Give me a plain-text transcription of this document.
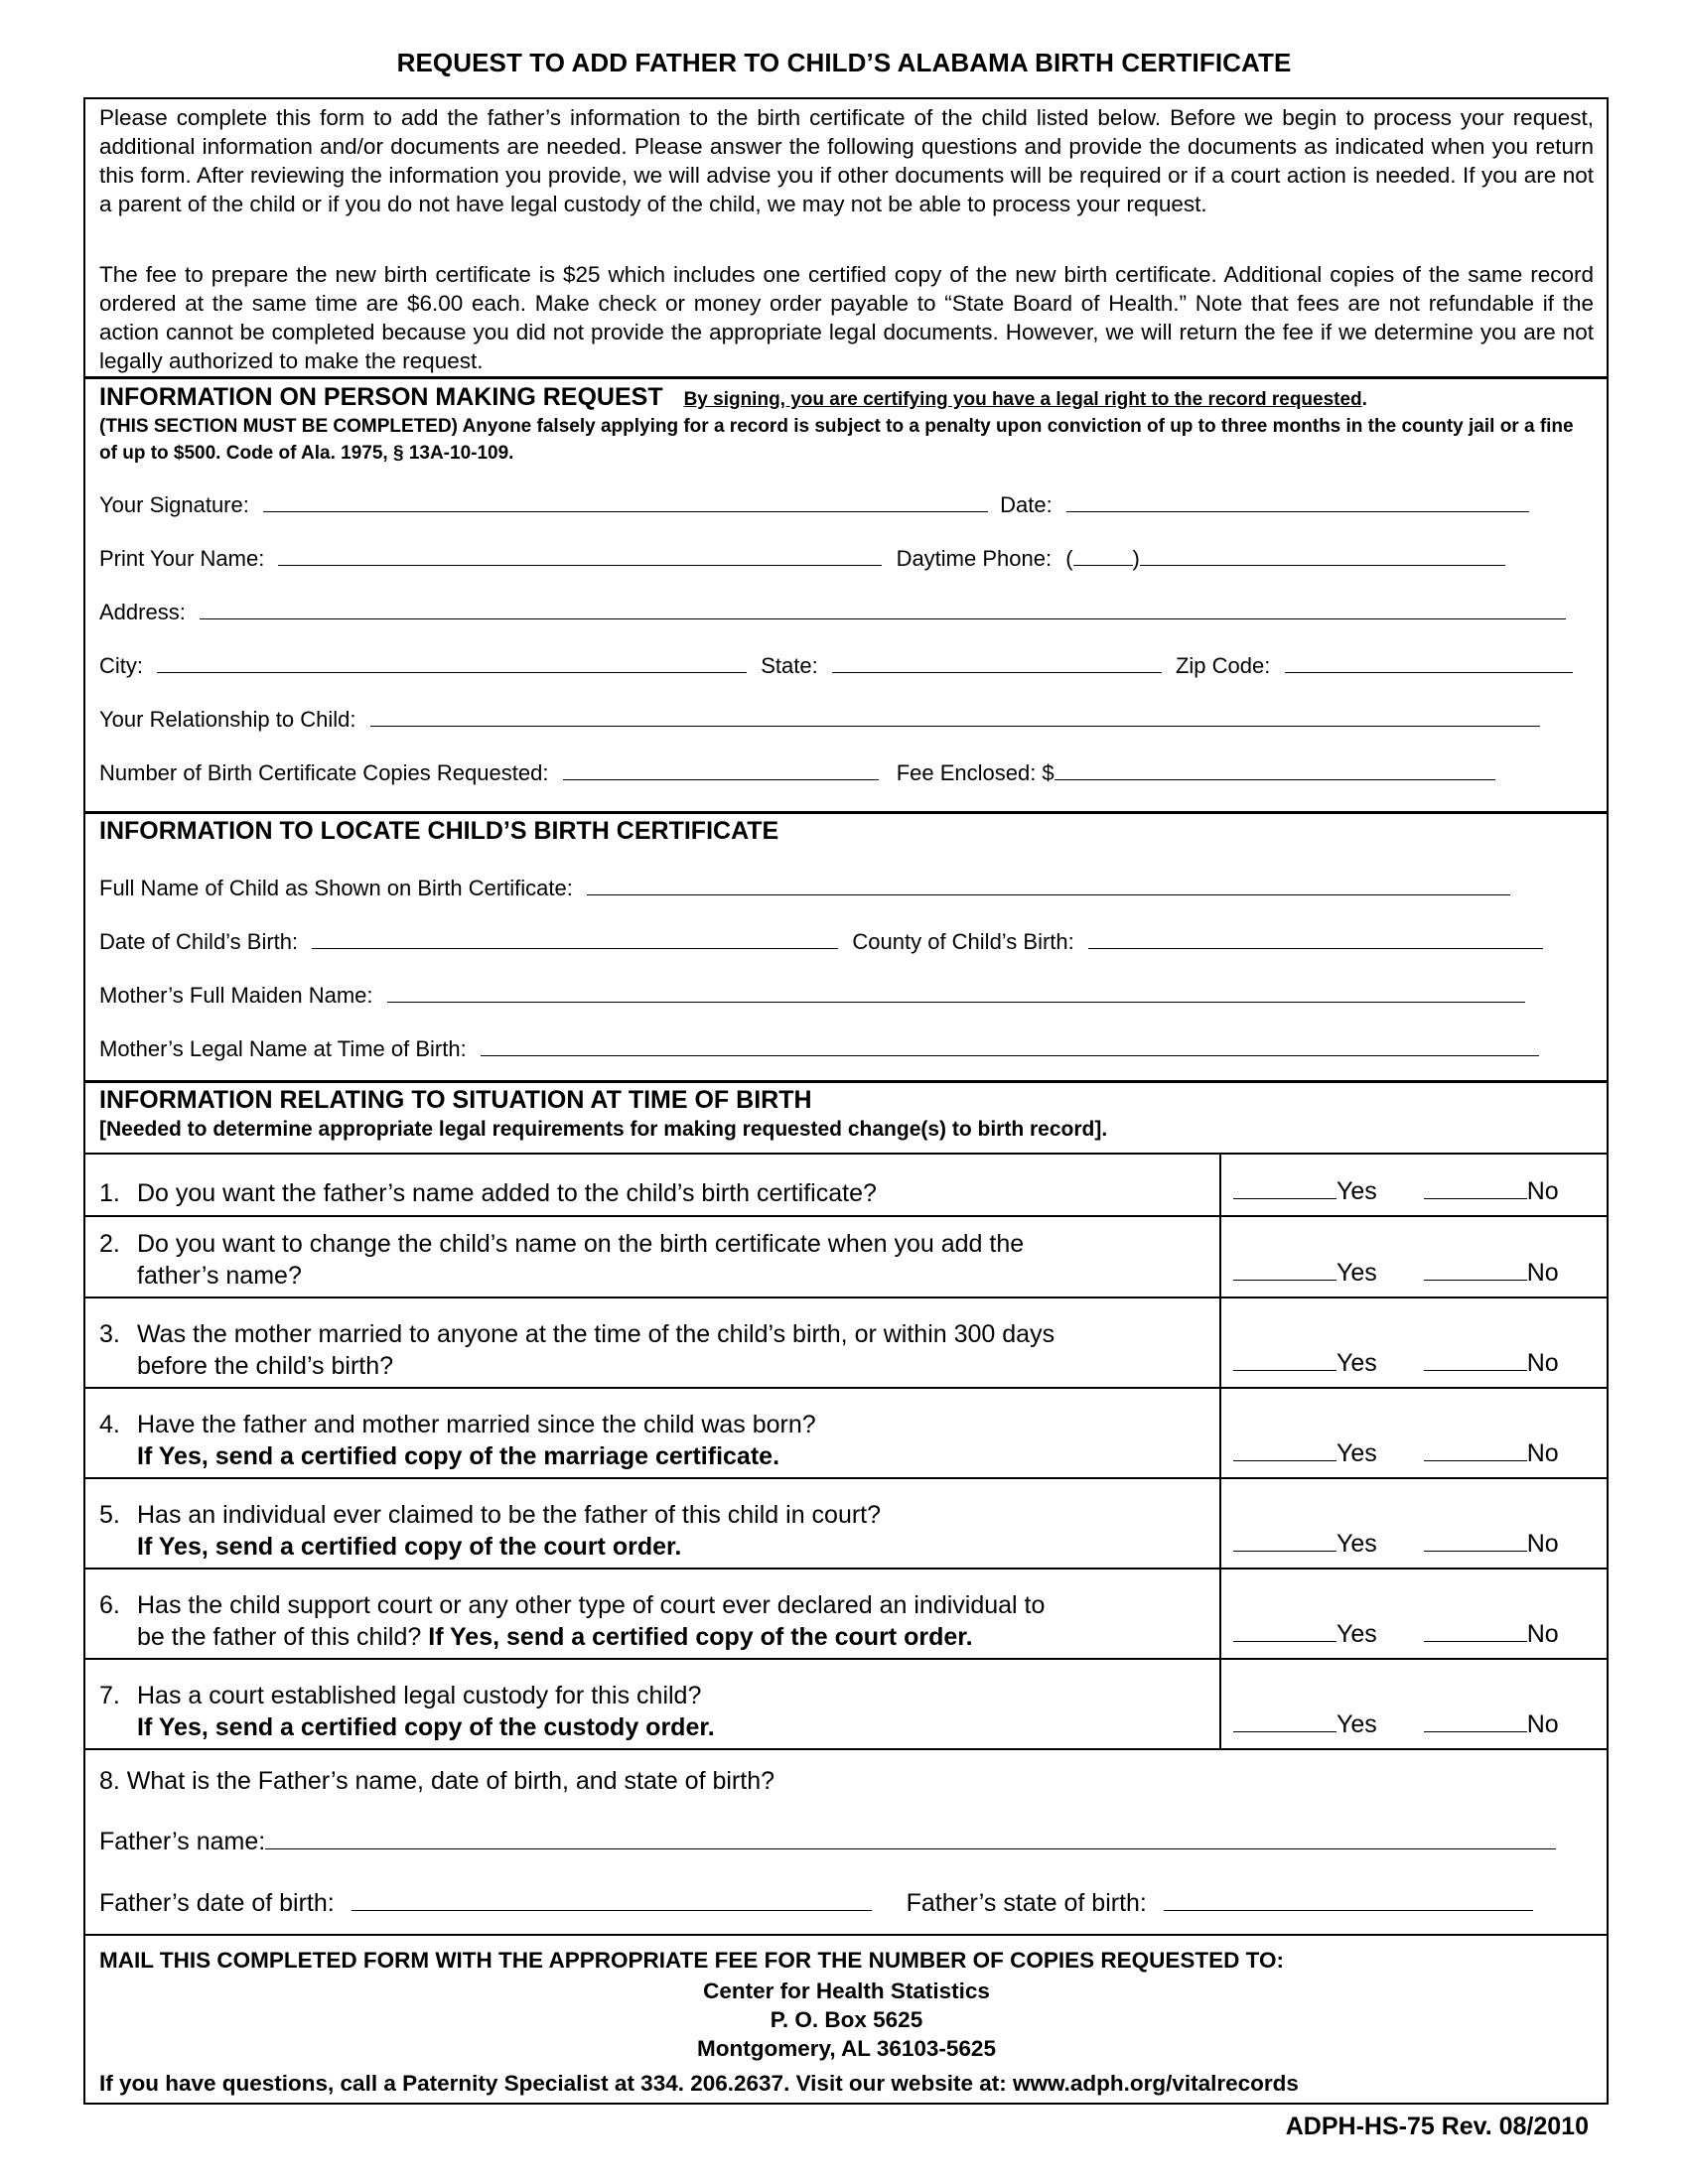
REQUEST TO ADD FATHER TO CHILD’S ALABAMA BIRTH CERTIFICATE
Please complete this form to add the father’s information to the birth certificate of the child listed below. Before we begin to process your request, additional information and/or documents are needed. Please answer the following questions and provide the documents as indicated when you return this form. After reviewing the information you provide, we will advise you if other documents will be required or if a court action is needed. If you are not a parent of the child or if you do not have legal custody of the child, we may not be able to process your request.
The fee to prepare the new birth certificate is $25 which includes one certified copy of the new birth certificate. Additional copies of the same record ordered at the same time are $6.00 each. Make check or money order payable to “State Board of Health.” Note that fees are not refundable if the action cannot be completed because you did not provide the appropriate legal documents. However, we will return the fee if we determine you are not legally authorized to make the request.
INFORMATION ON PERSON MAKING REQUEST By signing, you are certifying you have a legal right to the record requested.
(THIS SECTION MUST BE COMPLETED) Anyone falsely applying for a record is subject to a penalty upon conviction of up to three months in the county jail or a fine of up to $500. Code of Ala. 1975, § 13A-10-109.
Your Signature:	Date:
Print Your Name:	Daytime Phone: (	)
Address:
City:	State:	Zip Code:
Your Relationship to Child:
Number of Birth Certificate Copies Requested:	Fee Enclosed: $
INFORMATION TO LOCATE CHILD’S BIRTH CERTIFICATE
Full Name of Child as Shown on Birth Certificate:
Date of Child’s Birth:	County of Child’s Birth:
Mother’s Full Maiden Name:
Mother’s Legal Name at Time of Birth:
INFORMATION RELATING TO SITUATION AT TIME OF BIRTH
[Needed to determine appropriate legal requirements for making requested change(s) to birth record].
1. Do you want the father’s name added to the child’s birth certificate?	Yes	No
2. Do you want to change the child’s name on the birth certificate when you add the
father’s name?	Yes	No
3. Was the mother married to anyone at the time of the child’s birth, or within 300 days
before the child’s birth?	Yes	No
4. Have the father and mother married since the child was born?
If Yes, send a certified copy of the marriage certificate.	Yes	No
5. Has an individual ever claimed to be the father of this child in court?
If Yes, send a certified copy of the court order.	Yes	No
6. Has the child support court or any other type of court ever declared an individual to
be the father of this child? If Yes, send a certified copy of the court order.	Yes	No
7. Has a court established legal custody for this child?
If Yes, send a certified copy of the custody order.	Yes	No
8. What is the Father’s name, date of birth, and state of birth?
Father’s name:
Father’s date of birth:	Father’s state of birth:
MAIL THIS COMPLETED FORM WITH THE APPROPRIATE FEE FOR THE NUMBER OF COPIES REQUESTED TO:
Center for Health Statistics
P. O. Box 5625
Montgomery, AL 36103-5625
If you have questions, call a Paternity Specialist at 334. 206.2637. Visit our website at: www.adph.org/vitalrecords
ADPH-HS-75 Rev. 08/2010
